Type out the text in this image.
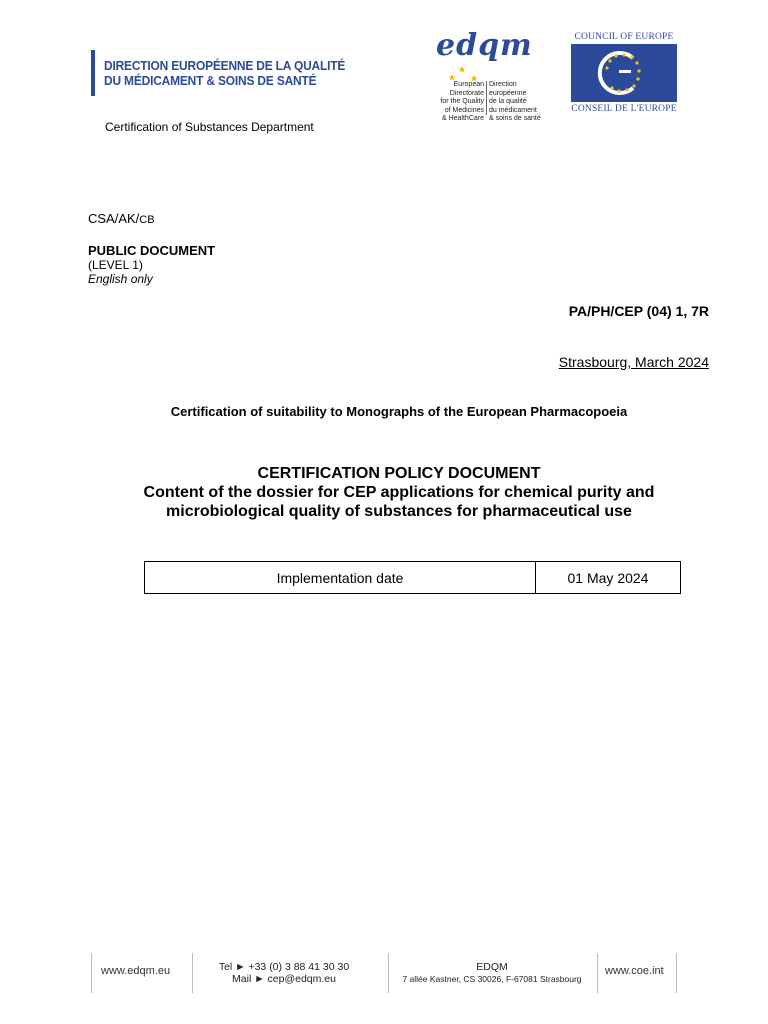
DIRECTION EUROPÉENNE DE LA QUALITÉ
DU MÉDICAMENT & SOINS DE SANTÉ
Certification of Substances Department
edqm
European Directorate
for the Quality
of Medicines
& HealthCare
Direction européenne
de la qualité
du médicament
& soins de santé
COUNCIL OF EUROPE
CONSEIL DE L'EUROPE
CSA/AK/CB
PUBLIC DOCUMENT
(LEVEL 1)
English only
PA/PH/CEP (04) 1, 7R
Strasbourg, March 2024
Certification of suitability to Monographs of the European Pharmacopoeia
CERTIFICATION POLICY DOCUMENT
Content of the dossier for CEP applications for chemical purity and
microbiological quality of substances for pharmaceutical use
Implementation date	01 May 2024
www.edqm.eu	Tel ► +33 (0) 3 88 41 30 30
Mail ► cep@edqm.eu
EDQM
7 allée Kastner, CS 30026, F-67081 Strasbourg
www.coe.int
